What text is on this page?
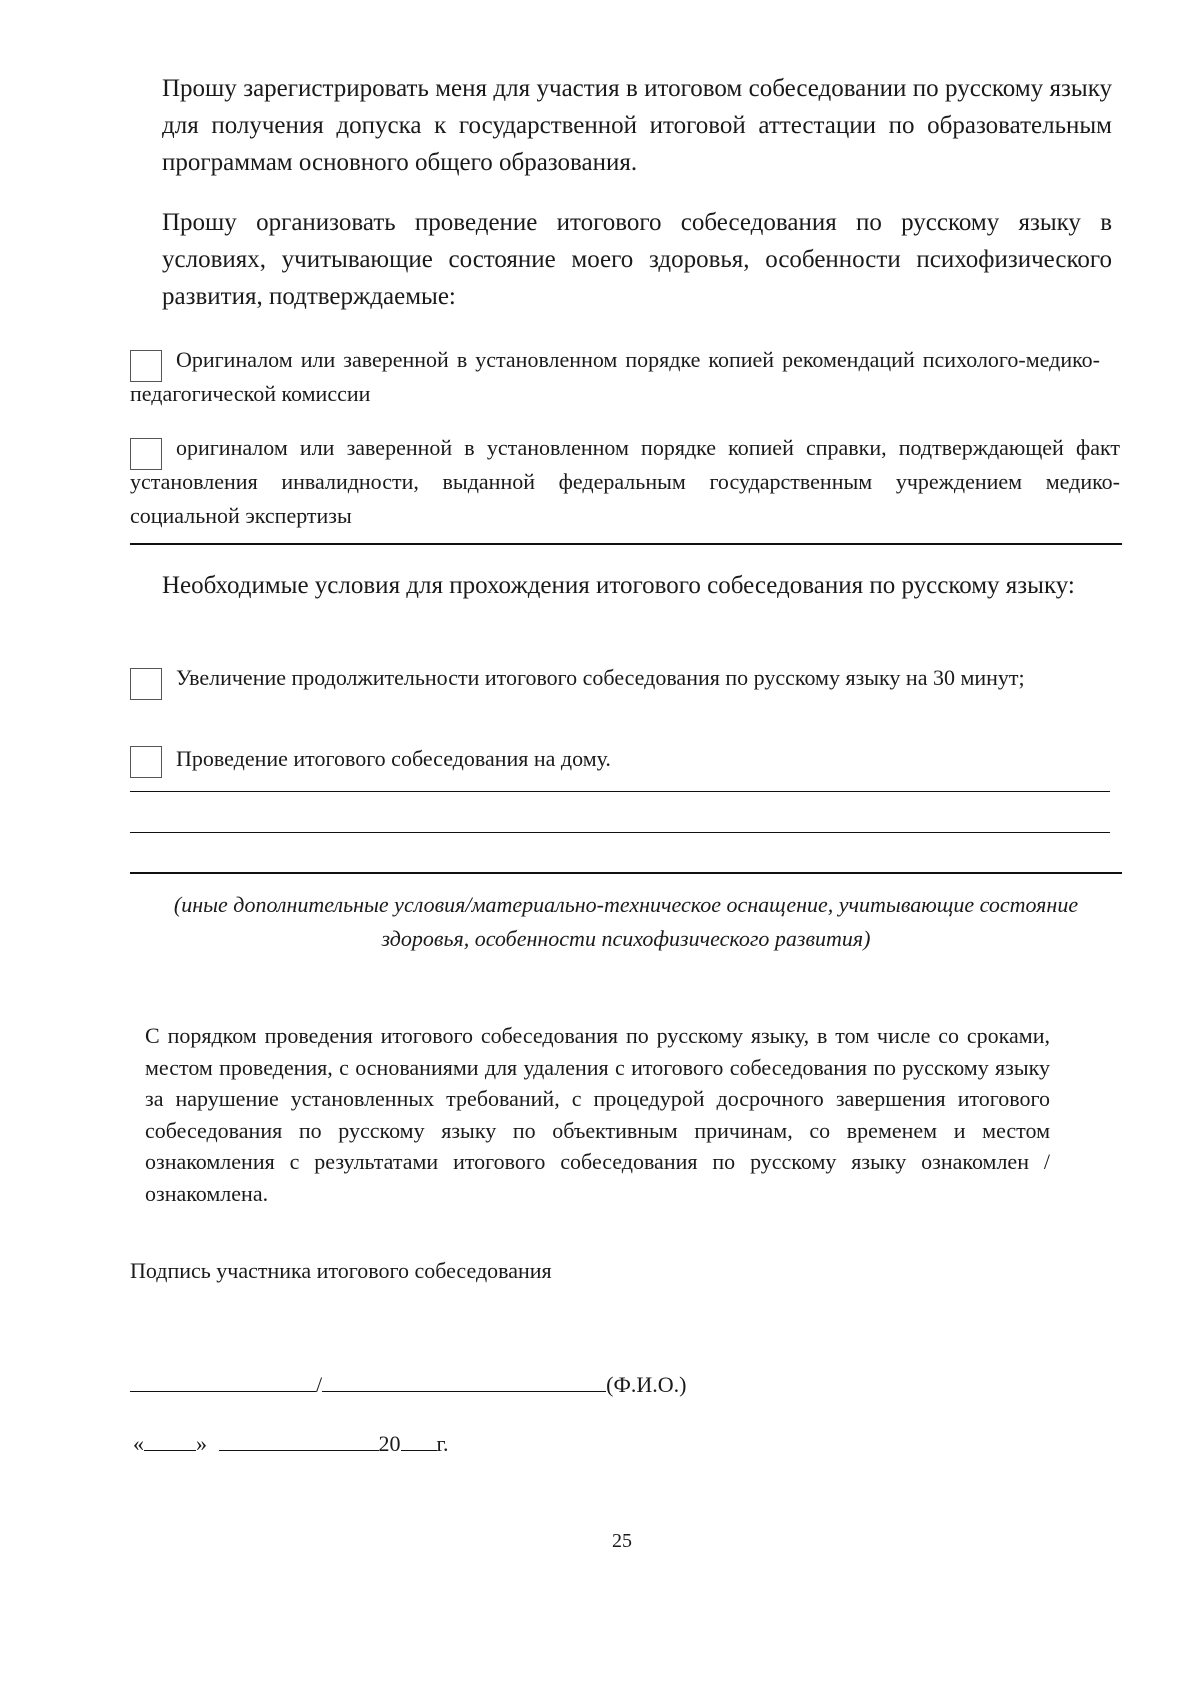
Прошу зарегистрировать меня для участия в итоговом собеседовании по русскому языку для получения допуска к государственной итоговой аттестации по образовательным программам основного общего образования.
Прошу организовать проведение итогового собеседования по русскому языку в условиях, учитывающие состояние моего здоровья, особенности психофизического развития, подтверждаемые:
Оригиналом или заверенной в установленном порядке копией рекомендаций психолого-медико-педагогической комиссии
оригиналом или заверенной в установленном порядке копией справки, подтверждающей факт установления инвалидности, выданной федеральным государственным учреждением медико-социальной экспертизы
Необходимые условия для прохождения итогового собеседования по русскому языку:
Увеличение продолжительности итогового собеседования по русскому языку на 30 минут;
Проведение итогового собеседования на дому.
(иные дополнительные условия/материально-техническое оснащение, учитывающие состояние здоровья, особенности психофизического развития)
С порядком проведения итогового собеседования по русскому языку, в том числе со сроками, местом проведения, с основаниями для удаления с итогового собеседования по русскому языку за нарушение установленных требований, с процедурой досрочного завершения итогового собеседования по русскому языку по объективным причинам, со временем и местом ознакомления с результатами итогового собеседования по русскому языку ознакомлен /ознакомлена.
Подпись участника итогового собеседования
/	(Ф.И.О.)
« »	20 г.
25
